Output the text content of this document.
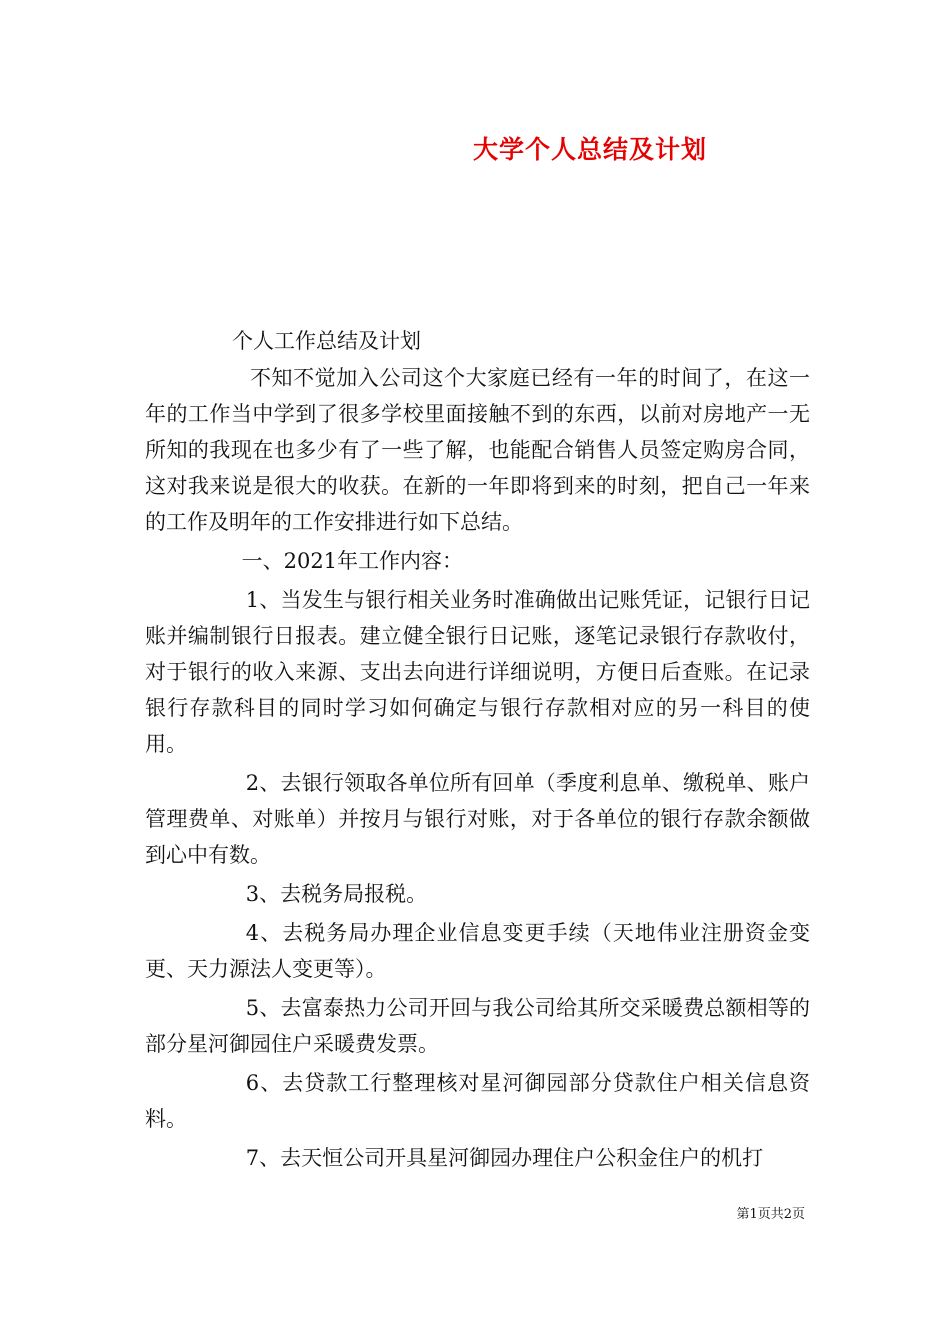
大学个人总结及计划
个人工作总结及计划

不知不觉加入公司这个大家庭已经有一年的时间了，在这一年的工作当中学到了很多学校里面接触不到的东西，以前对房地产一无所知的我现在也多少有了一些了解，也能配合销售人员签定购房合同，这对我来说是很大的收获。在新的一年即将到来的时刻，把自己一年来的工作及明年的工作安排进行如下总结。

一、2021年工作内容：

1、当发生与银行相关业务时准确做出记账凭证，记银行日记账并编制银行日报表。建立健全银行日记账，逐笔记录银行存款收付，对于银行的收入来源、支出去向进行详细说明，方便日后查账。在记录银行存款科目的同时学习如何确定与银行存款相对应的另一科目的使用。

2、去银行领取各单位所有回单（季度利息单、缴税单、账户管理费单、对账单）并按月与银行对账，对于各单位的银行存款余额做到心中有数。

3、去税务局报税。

4、去税务局办理企业信息变更手续（天地伟业注册资金变更、天力源法人变更等）。

5、去富泰热力公司开回与我公司给其所交采暖费总额相等的部分星河御园住户采暖费发票。

6、去贷款工行整理核对星河御园部分贷款住户相关信息资料。

7、去天恒公司开具星河御园办理住户公积金住户的机打

第1页共2页
